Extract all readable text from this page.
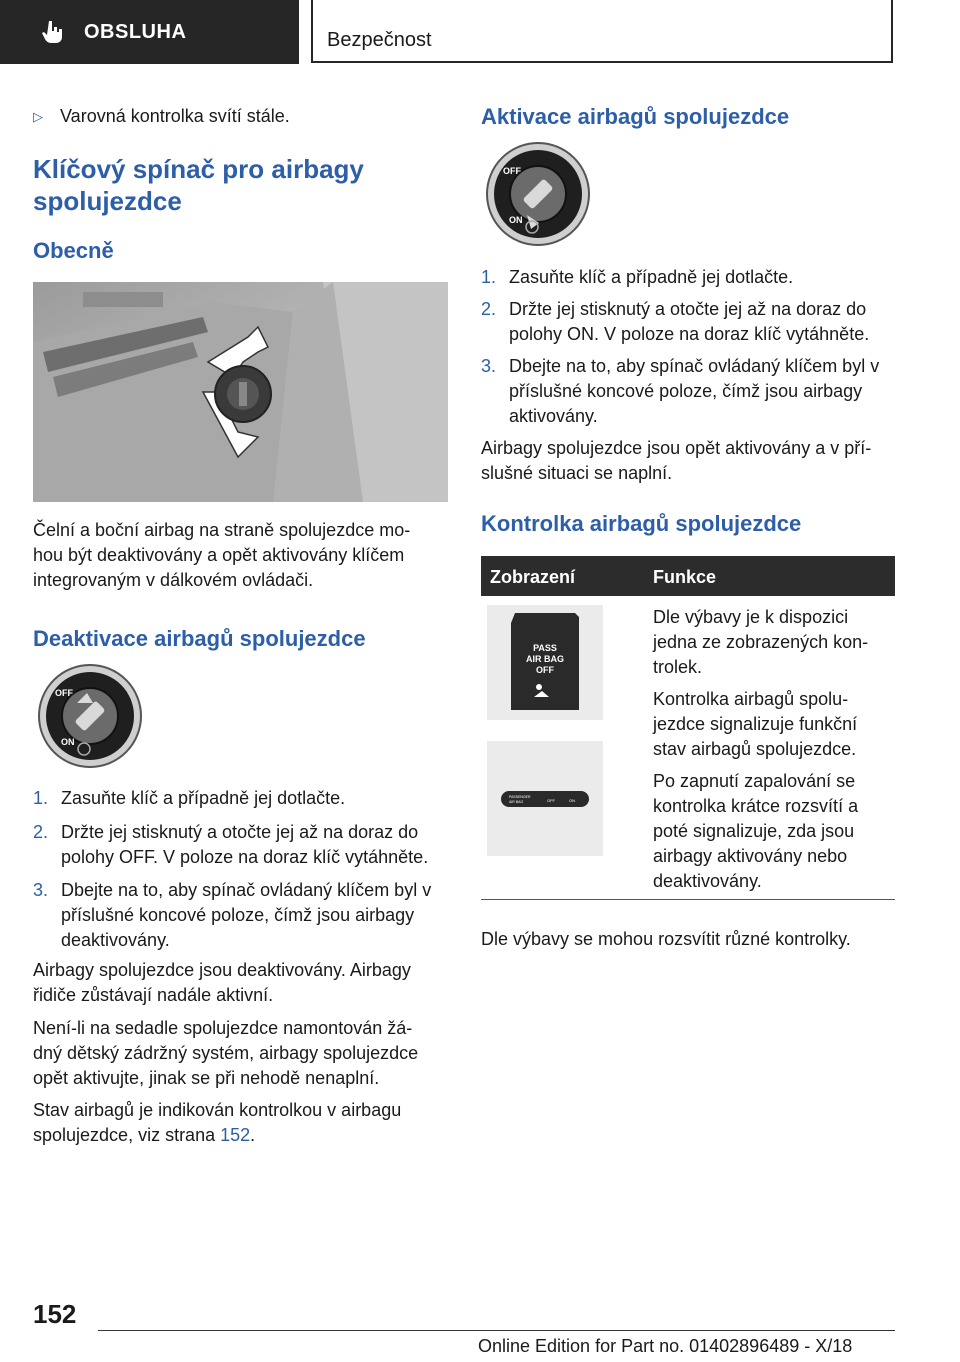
OBSLUHA	Bezpečnost
▷ Varovná kontrolka svítí stále.
Klíčový spínač pro airbagy
spolujezdce
Obecně

Čelní a boční airbag na straně spolujezdce mo-
hou být deaktivovány a opět aktivovány klíčem
integrovaným v dálkovém ovládači.

Deaktivace airbagů spolujezdce
OFF
ON
1. Zasuňte klíč a případně jej dotlačte.
2. Držte jej stisknutý a otočte jej až na doraz do
polohy OFF. V poloze na doraz klíč vytáhněte.
3. Dbejte na to, aby spínač ovládaný klíčem byl v
příslušné koncové poloze, čímž jsou airbagy
deaktivovány.

Airbagy spolujezdce jsou deaktivovány. Airbagy
řidiče zůstávají nadále aktivní.

Není-li na sedadle spolujezdce namontován žá-
dný dětský zádržný systém, airbagy spolujezdce
opět aktivujte, jinak se při nehodě nenaplní.

Stav airbagů je indikován kontrolkou v airbagu
spolujezdce, viz strana 152.

Aktivace airbagů spolujezdce
OFF
ON
1. Zasuňte klíč a případně jej dotlačte.
2. Držte jej stisknutý a otočte jej až na doraz do
polohy ON. V poloze na doraz klíč vytáhněte.
3. Dbejte na to, aby spínač ovládaný klíčem byl v
příslušné koncové poloze, čímž jsou airbagy
aktivovány.

Airbagy spolujezdce jsou opět aktivovány a v pří-
slušné situaci se naplní.

Kontrolka airbagů spolujezdce
Zobrazení	Funkce
PASS
AIR BAG
OFF
PASSENGER
AIR BAG	OFF	ON

Dle výbavy je k dispozici
jedna ze zobrazených kon-
trolek.

Kontrolka airbagů spolu-
jezdce signalizuje funkční
stav airbagů spolujezdce.

Po zapnutí zapalování se
kontrolka krátce rozsvítí a
poté signalizuje, zda jsou
airbagy aktivovány nebo
deaktivovány.

Dle výbavy se mohou rozsvítit různé kontrolky.

152
Online Edition for Part no. 01402896489 - X/18
